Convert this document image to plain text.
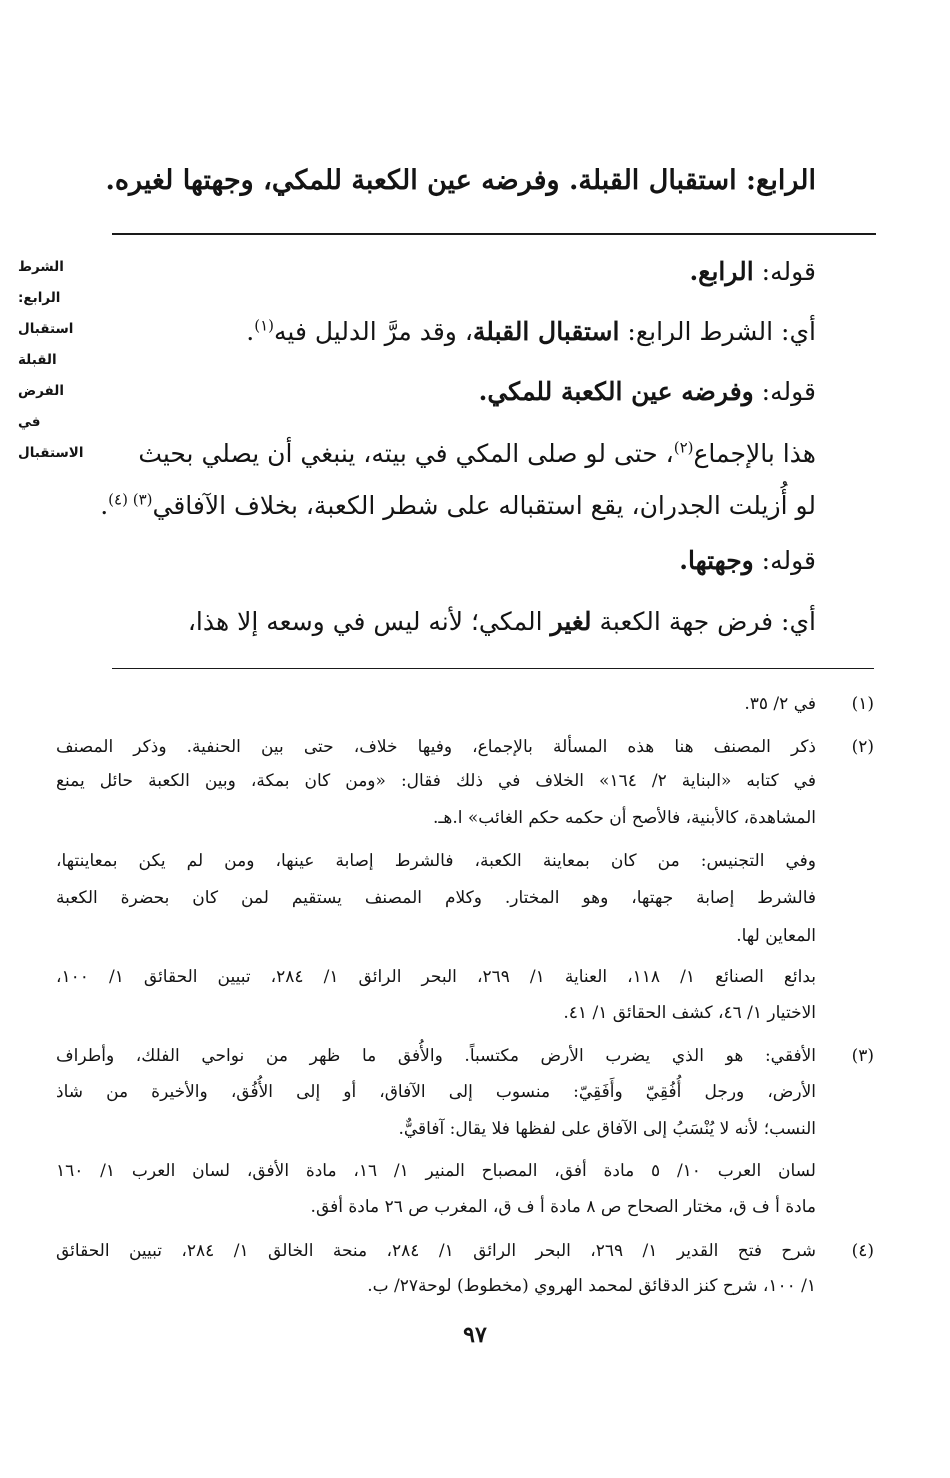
الرابع: استقبال القبلة. وفرضه عين الكعبة للمكي، وجهتها لغيره.
الشرط
الرابع:
استقبال
القبلة
الفرض
في
الاستقبال
قوله: الرابع.
أي: الشرط الرابع: استقبال القبلة، وقد مرَّ الدليل فيه$^{(١)}$.
قوله: وفرضه عين الكعبة للمكي.
هذا بالإجماع$^{(٢)}$، حتى لو صلى المكي في بيته، ينبغي أن يصلي بحيث
لو أُزيلت الجدران، يقع استقباله على شطر الكعبة، بخلاف الآفاقي$^{(٣) (٤)}$.
قوله: وجهتها.
أي: فرض جهة الكعبة لغير المكي؛ لأنه ليس في وسعه إلا هذا،
(١)
في ٢/ ٣٥.
(٢)
ذكر المصنف هنا هذه المسألة بالإجماع، وفيها خلاف، حتى بين الحنفية. وذكر المصنف
في كتابه «البناية ٢/ ١٦٤» الخلاف في ذلك فقال: «ومن كان بمكة، وبين الكعبة حائل يمنع
المشاهدة، كالأبنية، فالأصح أن حكمه حكم الغائب» ا.هـ.
وفي التجنيس: من كان بمعاينة الكعبة، فالشرط إصابة عينها، ومن لم يكن بمعاينتها،
فالشرط إصابة جهتها، وهو المختار. وكلام المصنف يستقيم لمن كان بحضرة الكعبة
المعاين لها.
بدائع الصنائع ١/ ١١٨، العناية ١/ ٢٦٩، البحر الرائق ١/ ٢٨٤، تبيين الحقائق ١/ ١٠٠،
الاختيار ١/ ٤٦، كشف الحقائق ١/ ٤١.
(٣)
الأفقي: هو الذي يضرب الأرض مكتسباً. والأُفق ما ظهر من نواحي الفلك، وأطراف
الأرض، ورجل أُفُقِيّ وأَفَقِيّ: منسوب إلى الآفاق، أو إلى الأُفُق، والأخيرة من شاذ
النسب؛ لأنه لا يُنْسَبُ إلى الآفاق على لفظها فلا يقال: آفاقيٌّ.
لسان العرب ١٠/ ٥ مادة أفق، المصباح المنير ١/ ١٦، مادة الأفق، لسان العرب ١/ ١٦٠
مادة أ ف ق، مختار الصحاح ص ٨ مادة أ ف ق، المغرب ص ٢٦ مادة أفق.
(٤)
شرح فتح القدير ١/ ٢٦٩، البحر الرائق ١/ ٢٨٤، منحة الخالق ١/ ٢٨٤، تبيين الحقائق
١/ ١٠٠، شرح كنز الدقائق لمحمد الهروي (مخطوط) لوحة٢٧/ ب.
٩٧
